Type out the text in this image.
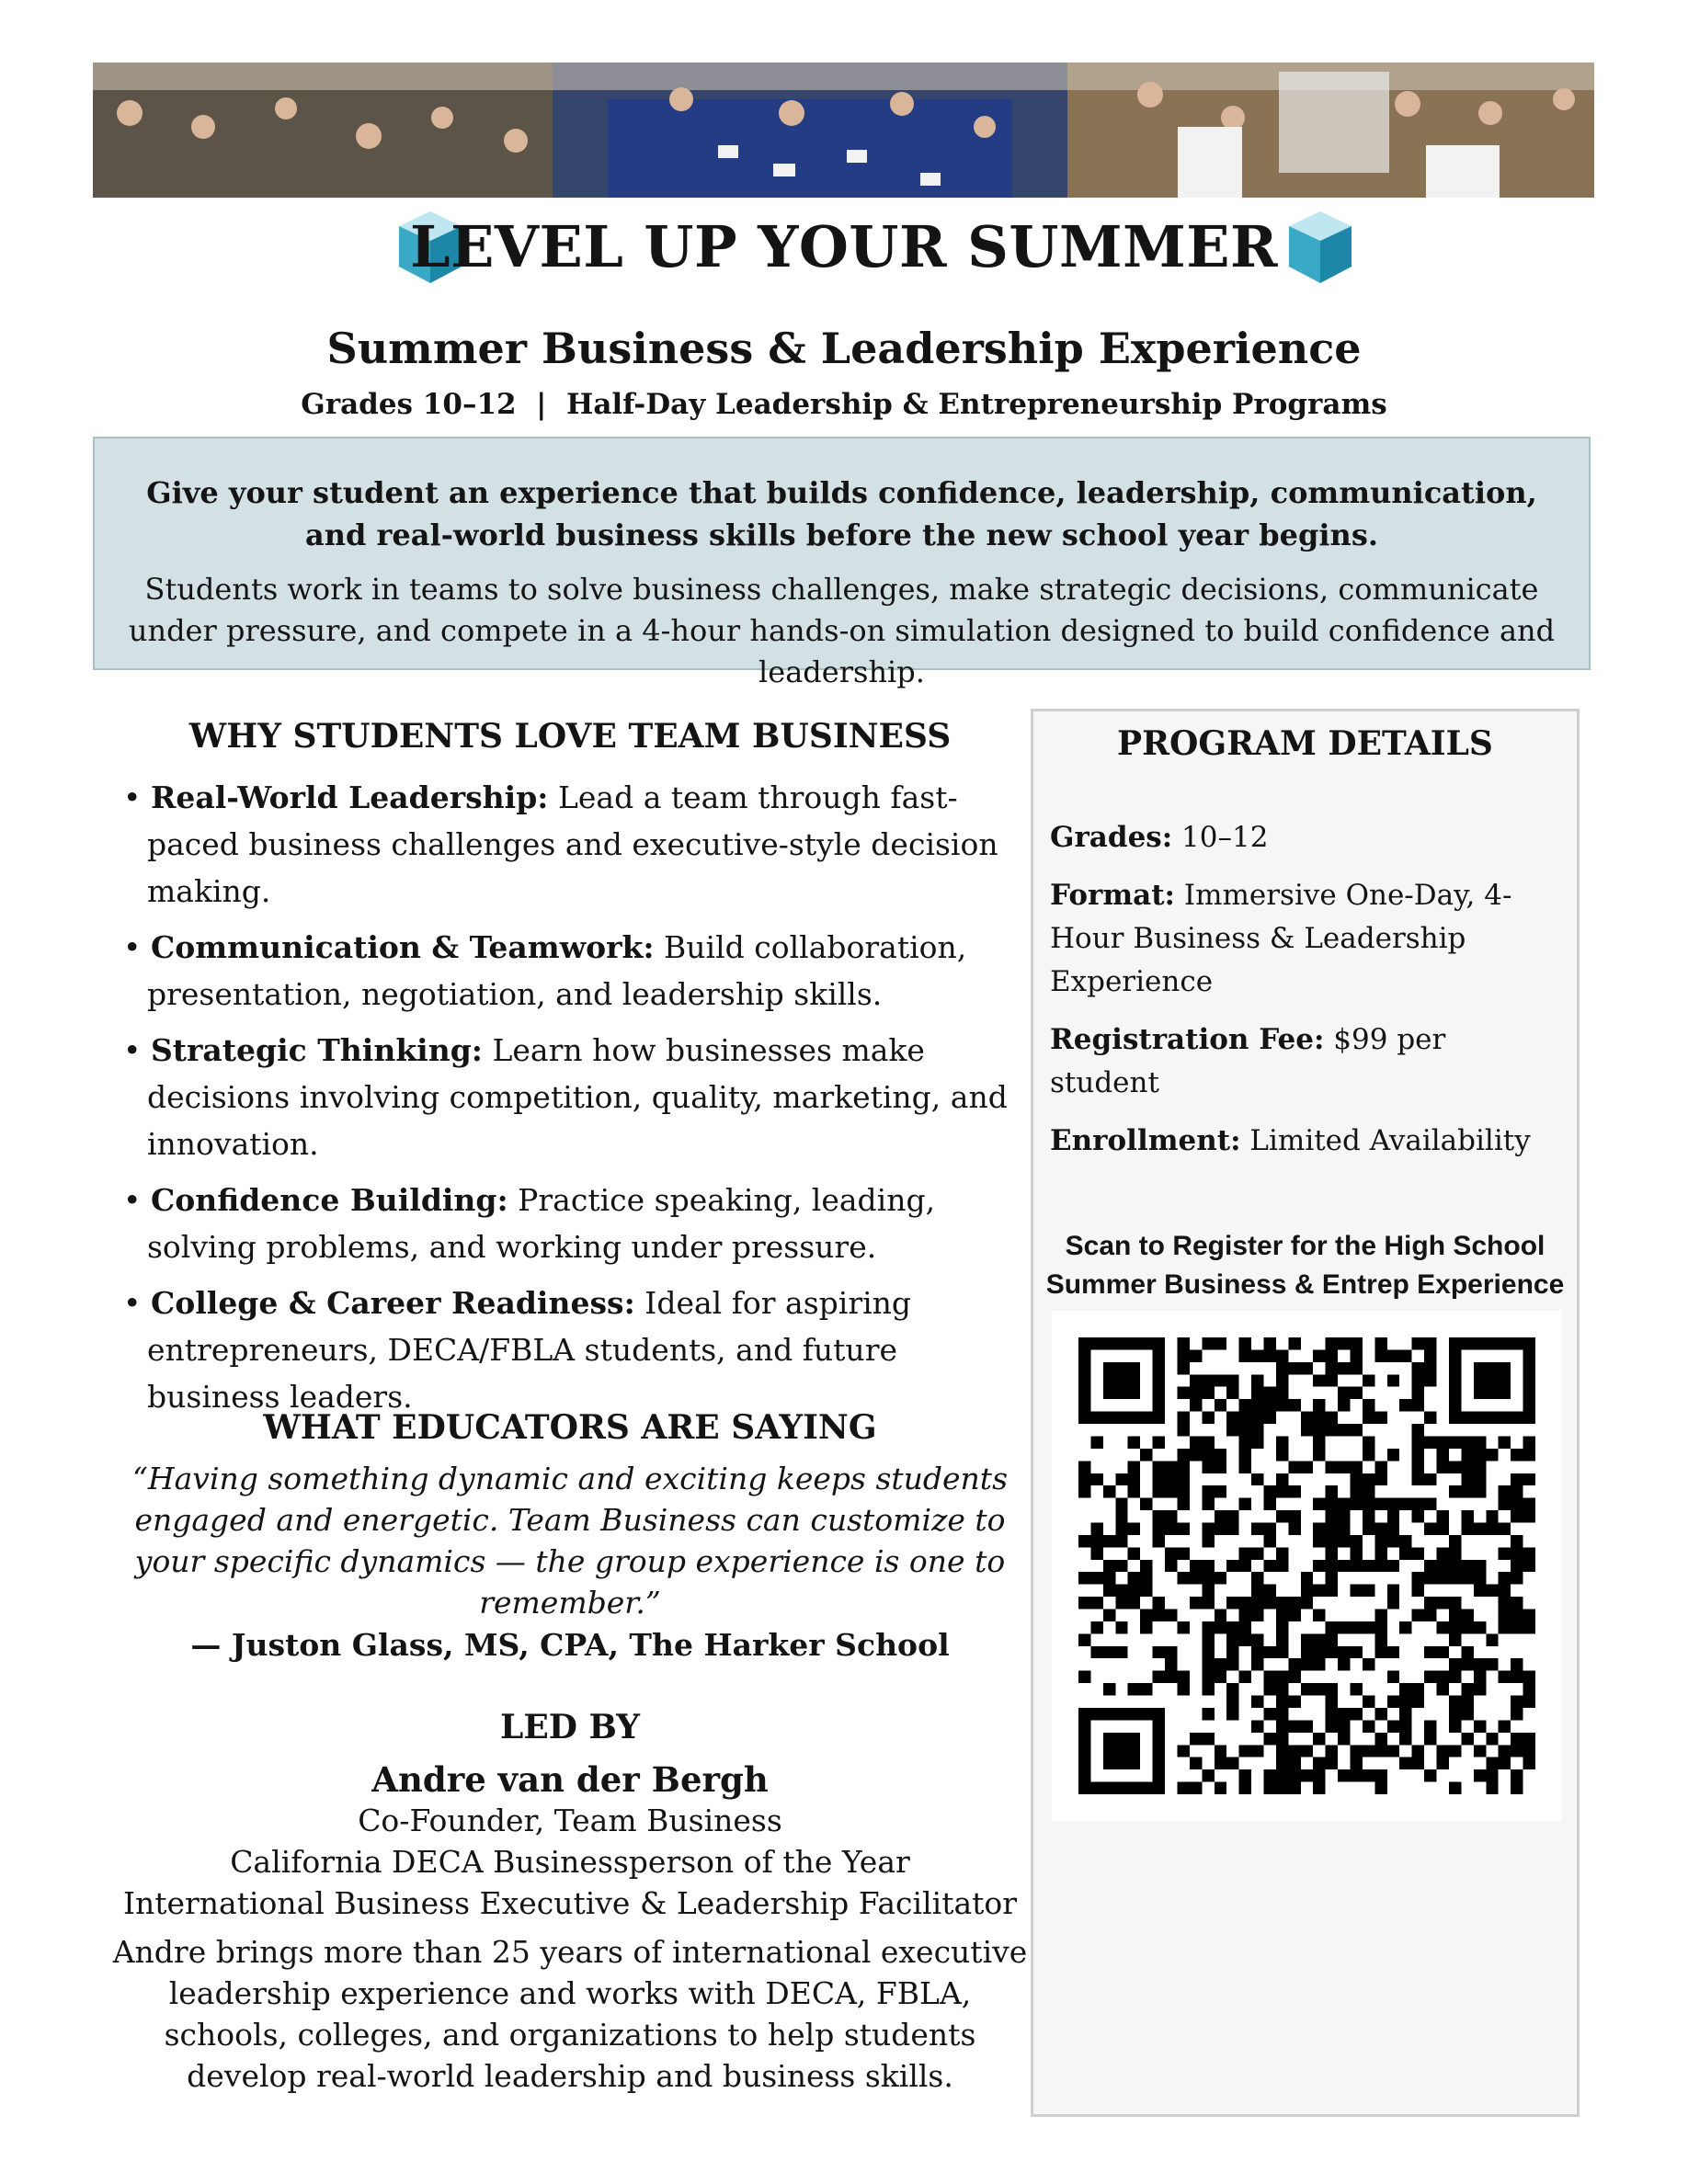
LEVEL UP YOUR SUMMER
Summer Business & Leadership Experience
Grades 10–12  |  Half-Day Leadership & Entrepreneurship Programs
Give your student an experience that builds confidence, leadership, communication, and real-world business skills before the new school year begins.
Students work in teams to solve business challenges, make strategic decisions, communicate under pressure, and compete in a 4-hour hands-on simulation designed to build confidence and leadership.
WHY STUDENTS LOVE TEAM BUSINESS
• Real-World Leadership: Lead a team through fast-paced business challenges and executive-style decision making.
• Communication & Teamwork: Build collaboration, presentation, negotiation, and leadership skills.
• Strategic Thinking: Learn how businesses make decisions involving competition, quality, marketing, and innovation.
• Confidence Building: Practice speaking, leading, solving problems, and working under pressure.
• College & Career Readiness: Ideal for aspiring entrepreneurs, DECA/FBLA students, and future business leaders.
WHAT EDUCATORS ARE SAYING
“Having something dynamic and exciting keeps students engaged and energetic. Team Business can customize to your specific dynamics — the group experience is one to remember.”
— Juston Glass, MS, CPA, The Harker School
LED BY
Andre van der Bergh
Co-Founder, Team Business
California DECA Businessperson of the Year
International Business Executive & Leadership Facilitator
Andre brings more than 25 years of international executive leadership experience and works with DECA, FBLA, schools, colleges, and organizations to help students develop real-world leadership and business skills.
PROGRAM DETAILS

Grades: 10–12

Format: Immersive One-Day, 4-Hour Business & Leadership Experience

Registration Fee: $99 per student

Enrollment: Limited Availability

Scan to Register for the High School
Summer Business & Entrep Experience
